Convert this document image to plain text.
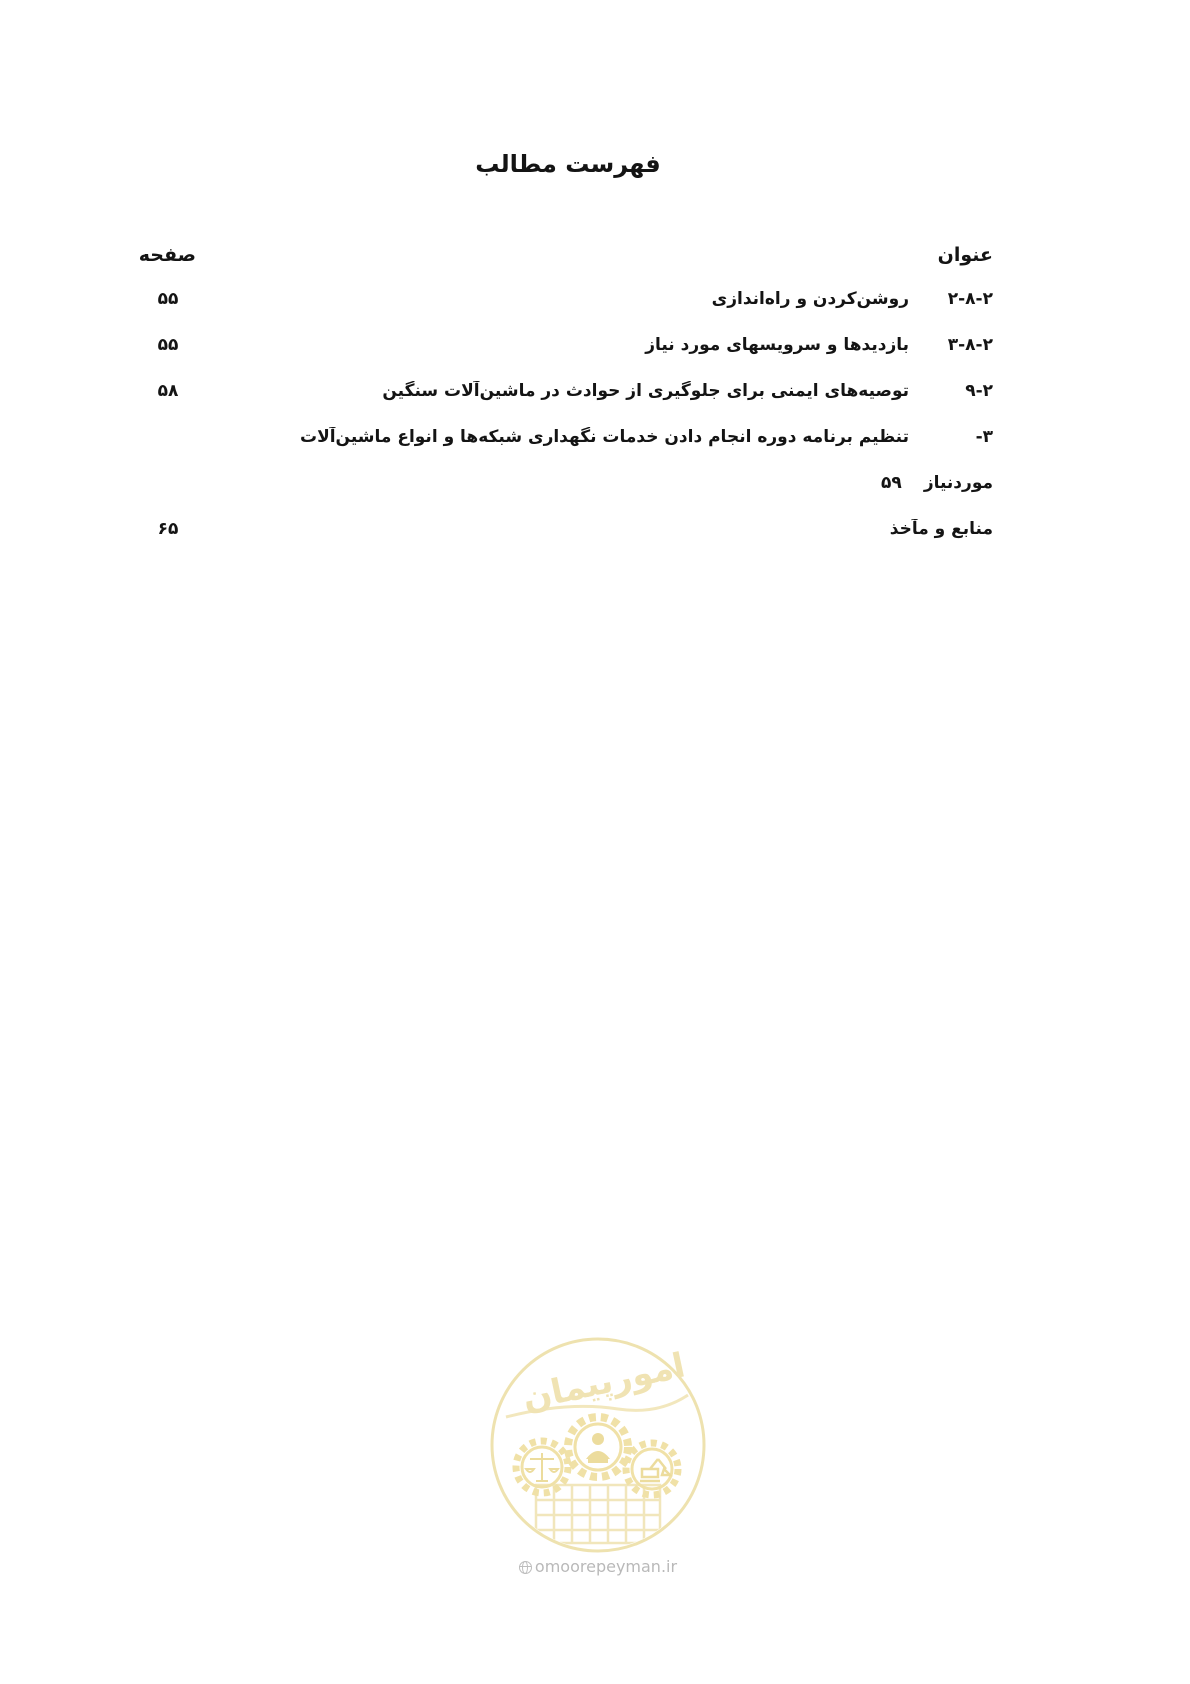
فهرست مطالب
عنوان
صفحه
۲-۸-۲
روشن‌کردن و راه‌اندازی
۵۵
۲-۸-۳
بازدیدها و سرویسهای مورد نیاز
۵۵
۲-۹
توصیه‌های ایمنی برای جلوگیری از حوادث در ماشین‌آلات سنگین
۵۸
۳-
تنظیم برنامه دوره انجام دادن خدمات نگهداری شبکه‌ها و انواع ماشین‌آلات
موردنیاز۵۹
منابع و مآخذ
۶۵
امورپیمان
omoorepeyman.ir
